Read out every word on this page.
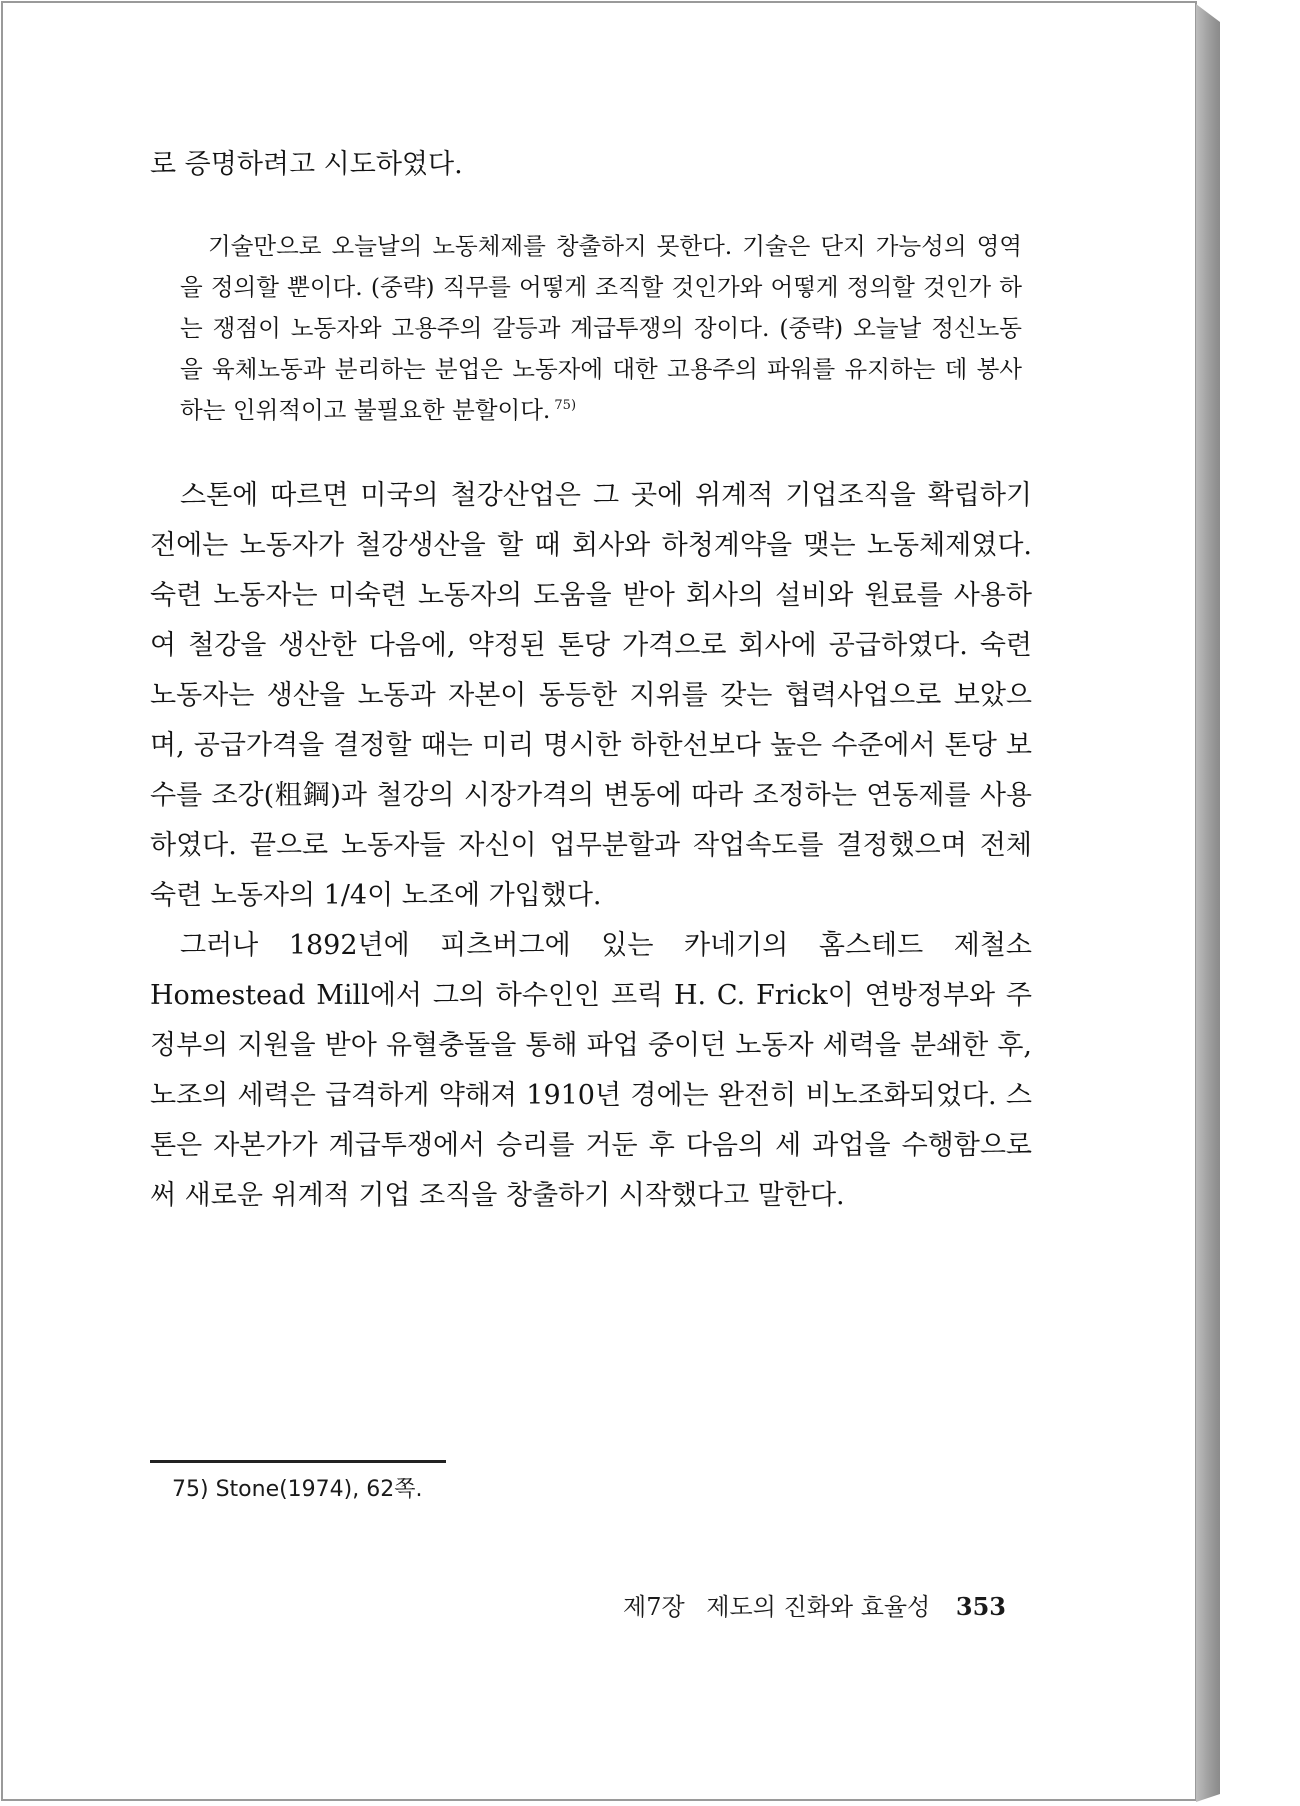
로 증명하려고 시도하였다.

기술만으로 오늘날의 노동체제를 창출하지 못한다. 기술은 단지 가능성의 영역을 정의할 뿐이다. (중략) 직무를 어떻게 조직할 것인가와 어떻게 정의할 것인가 하는 쟁점이 노동자와 고용주의 갈등과 계급투쟁의 장이다. (중략) 오늘날 정신노동을 육체노동과 분리하는 분업은 노동자에 대한 고용주의 파워를 유지하는 데 봉사하는 인위적이고 불필요한 분할이다. $^{75)}$

스톤에 따르면 미국의 철강산업은 그 곳에 위계적 기업조직을 확립하기 전에는 노동자가 철강생산을 할 때 회사와 하청계약을 맺는 노동체제였다. 숙련 노동자는 미숙련 노동자의 도움을 받아 회사의 설비와 원료를 사용하여 철강을 생산한 다음에, 약정된 톤당 가격으로 회사에 공급하였다. 숙련 노동자는 생산을 노동과 자본이 동등한 지위를 갖는 협력사업으로 보았으며, 공급가격을 결정할 때는 미리 명시한 하한선보다 높은 수준에서 톤당 보수를 조강(粗鋼)과 철강의 시장가격의 변동에 따라 조정하는 연동제를 사용하였다. 끝으로 노동자들 자신이 업무분할과 작업속도를 결정했으며 전체 숙련 노동자의 1/4이 노조에 가입했다.

그러나 1892년에 피츠버그에 있는 카네기의 홈스테드 제철소 Homestead Mill에서 그의 하수인인 프릭 H. C. Frick이 연방정부와 주정부의 지원을 받아 유혈충돌을 통해 파업 중이던 노동자 세력을 분쇄한 후, 노조의 세력은 급격하게 약해져 1910년 경에는 완전히 비노조화되었다. 스톤은 자본가가 계급투쟁에서 승리를 거둔 후 다음의 세 과업을 수행함으로써 새로운 위계적 기업 조직을 창출하기 시작했다고 말한다.

75) Stone(1974), 62쪽.
제7장 제도의 진화와 효율성 353
